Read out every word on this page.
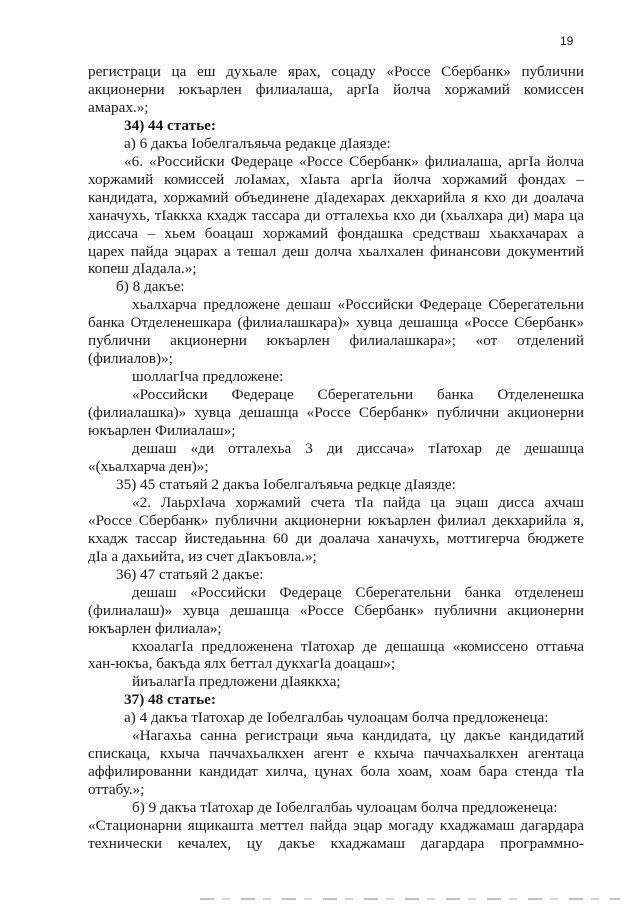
19

регистраци ца еш духьале ярах, соцаду «Россе Сбербанк» публични

акционерни юкъарлен филиалаша, аргIа йолча хоржамий комиссен

амарах.»;

34) 44 статье:

а) 6 дакъа Iобелгалъяьча редакце дIаязде:

«6. «Российски Федераце «Россе Сбербанк» филиалаша, аргIа йолча

хоржамий комиссей лоIамах, хIаьта аргIа йолча хоржамий фондах –

кандидата, хоржамий объединене дIадехарах декхарийла я кхо ди доалача

ханачухь, тIаккха кхадж тассара ди отталехьа кхо ди (хьалхара ди) мара ца

диссача – хьем боацаш хоржамий фондашка средстваш хьакхачарах а

царех пайда эцарах а тешал деш долча хьалхален финансови документий

копеш дIадала.»;

б) 8 дакъе:

хьалхарча предложене дешаш «Российски Федераце Сберегательни

банка Отделенешкара (филиалашкара)» хувца дешашца «Россе Сбербанк»

публични акционерни юкъарлен филиалашкара»; «от отделений

(филиалов)»;

шоллагIча предложене:

«Российски Федераце Сберегательни банка Отделенешка

(филиалашка)» хувца дешашца «Россе Сбербанк» публични акционерни

юкъарлен Филиалаш»;

дешаш «ди отталехьа 3 ди диссача» тIатохар де дешашца

«(хьалхарча ден)»;

35) 45 статьяй 2 дакъа Iобелгалъяьча редкце дIаязде:

«2. ЛаьрхIача хоржамий счета тIа пайда ца эцаш дисса ахчаш

«Россе Сбербанк» публични акционерни юкъарлен филиал декхарийла я,

кхадж тассар йистедаьнна 60 ди доалача ханачухь, моттигерча бюджете

дIа а дахьийта, из счет дIакъовла.»;

36) 47 статьяй 2 дакъе:

дешаш «Российски Федераце Сберегательни банка отделенеш

(филиалаш)» хувца дешашца «Россе Сбербанк» публични акционерни

юкъарлен филиала»;

кхоалагIа предложенена тIатохар де дешашца «комиссено оттаьча

хан-юкъа, бакъда ялх беттал дукхагIа доацаш»;

йиъалагIа предложени дIаяккха;

37) 48 статье:

а) 4 дакъа тIатохар де Iобелгалбаь чулоацам болча предложенеца:

«Нагахьа санна регистраци яьча кандидата, цу дакъе кандидатий

спискаца, кхыча паччахьалкхен агент е кхыча паччахьалкхен агентаца

аффилированни кандидат хилча, цунах бола хоам, хоам бара стенда тIа

оттабу.»;

б) 9 дакъа тIатохар де Iобелгалбаь чулоацам болча предложенеца:

«Стационарни ящикашта меттел пайда эцар могаду кхаджамаш дагардара

технически кечалех, цу дакъе кхаджамаш дагардара программно-
